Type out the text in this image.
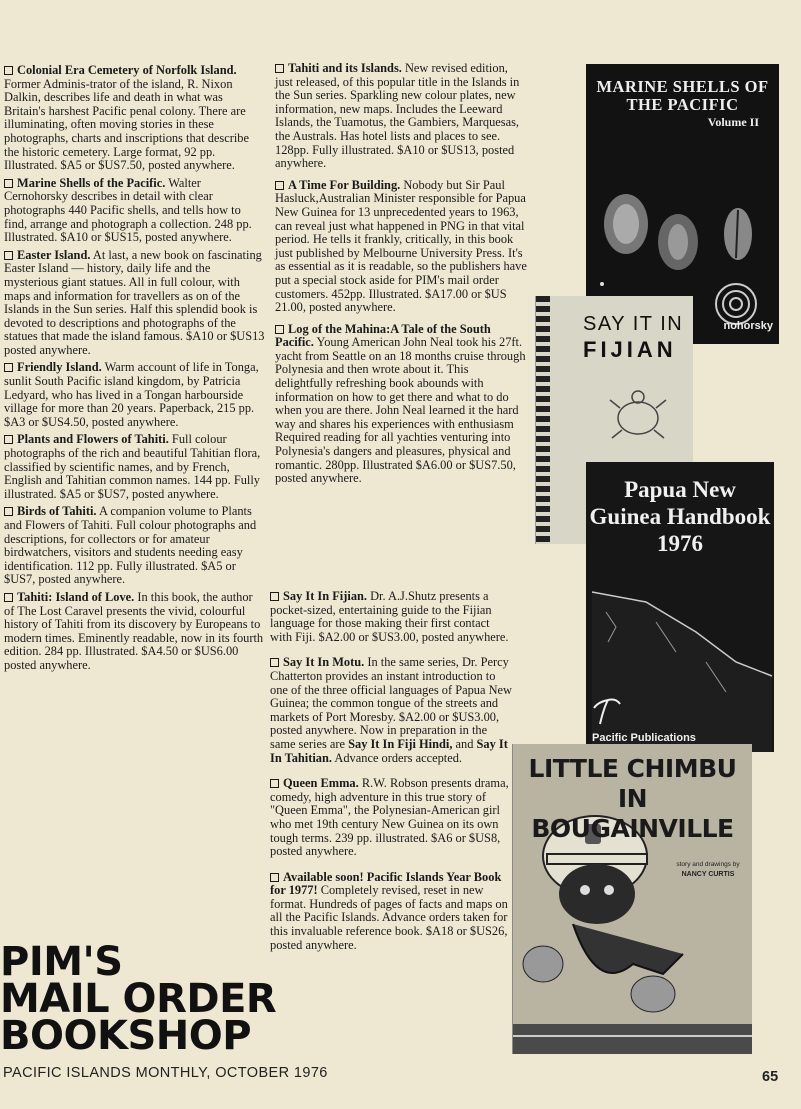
Colonial Era Cemetery of Norfolk Island. Former Adminis-trator of the island, R. Nixon Dalkin, describes life and death in what was Britain's harshest Pacific penal colony. There are illuminating, often moving stories in these photographs, charts and inscriptions that describe the historic cemetery. Large format, 92 pp. Illustrated. $A5 or $US7.50, posted anywhere.
Marine Shells of the Pacific. Walter Cernohorsky describes in detail with clear photographs 440 Pacific shells, and tells how to find, arrange and photograph a collection. 248 pp. Illustrated. $A10 or $US15, posted anywhere.
Easter Island. At last, a new book on fascinating Easter Island — history, daily life and the mysterious giant statues. All in full colour, with maps and information for travellers as on of the Islands in the Sun series. Half this splendid book is devoted to descriptions and photographs of the statues that made the island famous. $A10 or $US13 posted anywhere.
Friendly Island. Warm account of life in Tonga, sunlit South Pacific island kingdom, by Patricia Ledyard, who has lived in a Tongan harbourside village for more than 20 years. Paperback, 215 pp. $A3 or $US4.50, posted anywhere.
Plants and Flowers of Tahiti. Full colour photographs of the rich and beautiful Tahitian flora, classified by scientific names, and by French, English and Tahitian common names. 144 pp. Fully illustrated. $A5 or $US7, posted anywhere.
Birds of Tahiti. A companion volume to Plants and Flowers of Tahiti. Full colour photographs and descriptions, for collectors or for amateur birdwatchers, visitors and students needing easy identification. 112 pp. Fully illustrated. $A5 or $US7, posted anywhere.
Tahiti: Island of Love. In this book, the author of The Lost Caravel presents the vivid, colourful history of Tahiti from its discovery by Europeans to modern times. Eminently readable, now in its fourth edition. 284 pp. Illustrated. $A4.50 or $US6.00 posted anywhere.
Tahiti and its Islands. New revised edition, just released, of this popular title in the Islands in the Sun series. Sparkling new colour plates, new information, new maps. Includes the Leeward Islands, the Tuamotus, the Gambiers, Marquesas, the Australs. Has hotel lists and places to see. 128pp. Fully illustrated. $A10 or $US13, posted anywhere.
A Time For Building. Nobody but Sir Paul Hasluck,Australian Minister responsible for Papua New Guinea for 13 unprecedented years to 1963, can reveal just what happened in PNG in that vital period. He tells it frankly, critically, in this book just published by Melbourne University Press. It's as essential as it is readable, so the publishers have put a special stock aside for PIM's mail order customers. 452pp. Illustrated. $A17.00 or $US 21.00, posted anywhere.
Log of the Mahina:A Tale of the South Pacific. Young American John Neal took his 27ft. yacht from Seattle on an 18 months cruise through Polynesia and then wrote about it. This delightfully refreshing book abounds with information on how to get there and what to do when you are there. John Neal learned it the hard way and shares his experiences with enthusiasm Required reading for all yachties venturing into Polynesia's dangers and pleasures, physical and romantic. 280pp. Illustrated $A6.00 or $US7.50, posted anywhere.
Say It In Fijian. Dr. A.J.Shutz presents a pocket-sized, entertaining guide to the Fijian language for those making their first contact with Fiji. $A2.00 or $US3.00, posted anywhere.
Say It In Motu. In the same series, Dr. Percy Chatterton provides an instant introduction to one of the three official languages of Papua New Guinea; the common tongue of the streets and markets of Port Moresby. $A2.00 or $US3.00, posted anywhere. Now in preparation in the same series are Say It In Fiji Hindi, and Say It In Tahitian. Advance orders accepted.
Queen Emma. R.W. Robson presents drama, comedy, high adventure in this true story of "Queen Emma", the Polynesian-American girl who met 19th century New Guinea on its own tough terms. 239 pp. illustrated. $A6 or $US8, posted anywhere.
Available soon! Pacific Islands Year Book for 1977! Completely revised, reset in new format. Hundreds of pages of facts and maps on all the Pacific Islands. Advance orders taken for this invaluable reference book. $A18 or $US26, posted anywhere.
MARINE SHELLS OF THE PACIFIC
Volume II
nohorsky
SAY IT IN
FIJIAN
Papua New Guinea Handbook 1976
Pacific Publications
LITTLE CHIMBU IN BOUGAINVILLE
story and drawings by
NANCY CURTIS
PIM'S
MAIL ORDER
BOOKSHOP
PACIFIC ISLANDS MONTHLY, OCTOBER 1976	65
